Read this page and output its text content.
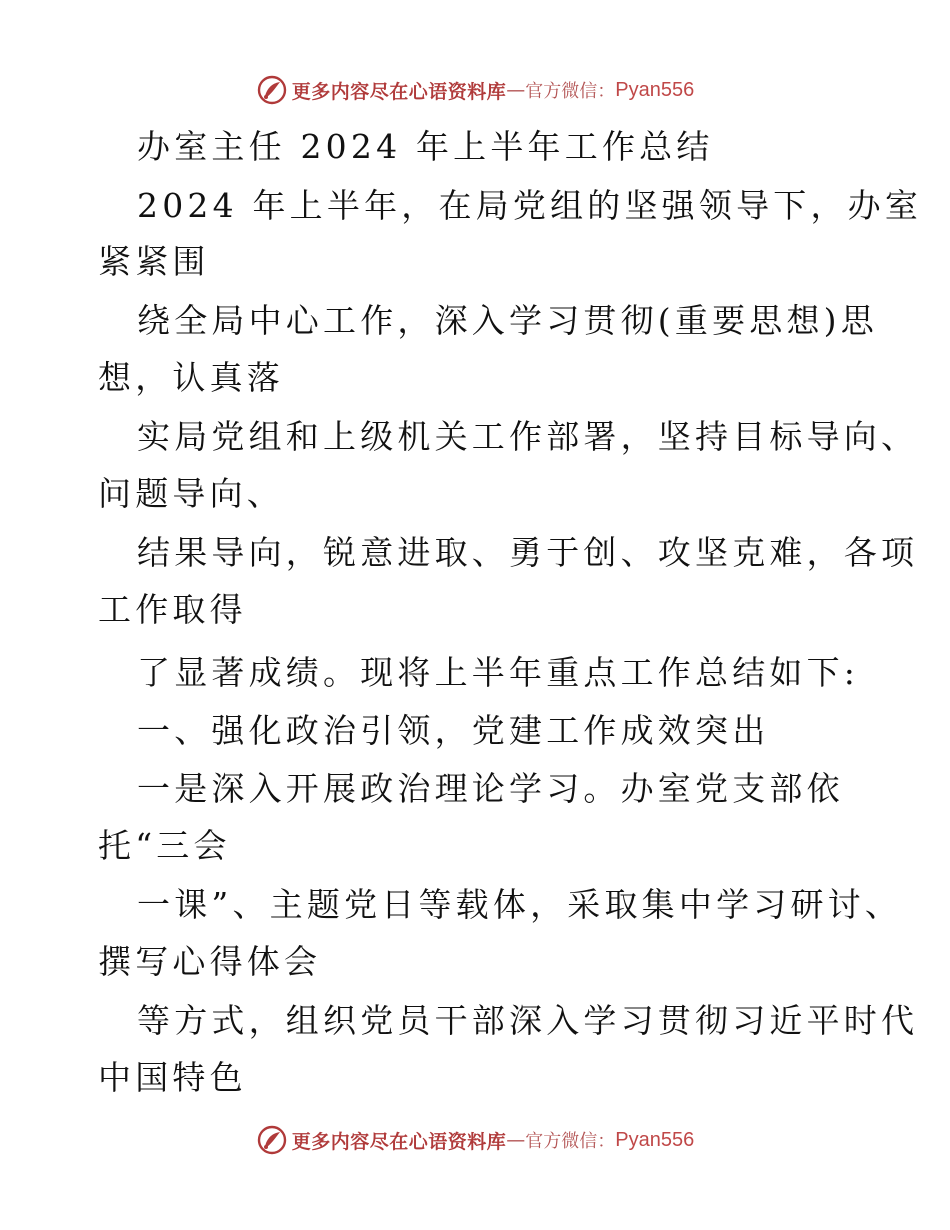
更多内容尽在心语资料库 — 官方微信： Pyan556
办室主任 2024 年上半年工作总结
2024 年上半年，在局党组的坚强领导下，办室
紧紧围
绕全局中心工作，深入学习贯彻(重要思想)思
想，认真落
实局党组和上级机关工作部署，坚持目标导向、
问题导向、
结果导向，锐意进取、勇于创、攻坚克难，各项
工作取得
了显著成绩。现将上半年重点工作总结如下:
一、强化政治引领，党建工作成效突出
一是深入开展政治理论学习。办室党支部依
托“三会
一课”、主题党日等载体，采取集中学习研讨、
撰写心得体会
等方式，组织党员干部深入学习贯彻习近平时代
中国特色
更多内容尽在心语资料库 — 官方微信： Pyan556
